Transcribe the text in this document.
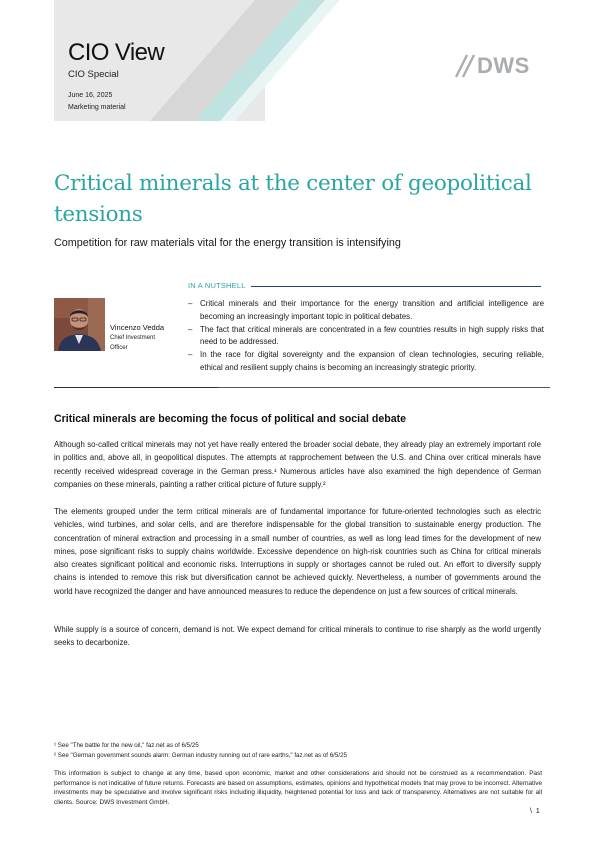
CIO View
CIO Special
June 16, 2025
Marketing material
DWS
Critical minerals at the center of geopolitical tensions
Competition for raw materials vital for the energy transition is intensifying
IN A NUTSHELL
Vincenzo Vedda
Chief Investment Officer
– Critical minerals and their importance for the energy transition and artificial intelligence are becoming an increasingly important topic in political debates.
– The fact that critical minerals are concentrated in a few countries results in high supply risks that need to be addressed.
– In the race for digital sovereignty and the expansion of clean technologies, securing reliable, ethical and resilient supply chains is becoming an increasingly strategic priority.
Critical minerals are becoming the focus of political and social debate

Although so-called critical minerals may not yet have really entered the broader social debate, they already play an extremely important role in politics and, above all, in geopolitical disputes. The attempts at rapprochement between the U.S. and China over critical minerals have recently received widespread coverage in the German press.¹ Numerous articles have also examined the high dependence of German companies on these minerals, painting a rather critical picture of future supply.²

The elements grouped under the term critical minerals are of fundamental importance for future-oriented technologies such as electric vehicles, wind turbines, and solar cells, and are therefore indispensable for the global transition to sustainable energy production. The concentration of mineral extraction and processing in a small number of countries, as well as long lead times for the development of new mines, pose significant risks to supply chains worldwide. Excessive dependence on high-risk countries such as China for critical minerals also creates significant political and economic risks. Interruptions in supply or shortages cannot be ruled out. An effort to diversify supply chains is intended to remove this risk but diversification cannot be achieved quickly. Nevertheless, a number of governments around the world have recognized the danger and have announced measures to reduce the dependence on just a few sources of critical minerals.

While supply is a source of concern, demand is not. We expect demand for critical minerals to continue to rise sharply as the world urgently seeks to decarbonize.

¹ See "The battle for the new oil," faz.net as of 6/5/25
² See "German government sounds alarm: German industry running out of rare earths," faz.net as of 6/5/25

This information is subject to change at any time, based upon economic, market and other considerations and should not be construed as a recommendation. Past performance is not indicative of future returns. Forecasts are based on assumptions, estimates, opinions and hypothetical models that may prove to be incorrect. Alternative investments may be speculative and involve significant risks including illiquidity, heightened potential for loss and lack of transparency. Alternatives are not suitable for all clients. Source: DWS Investment GmbH.

\ 1
